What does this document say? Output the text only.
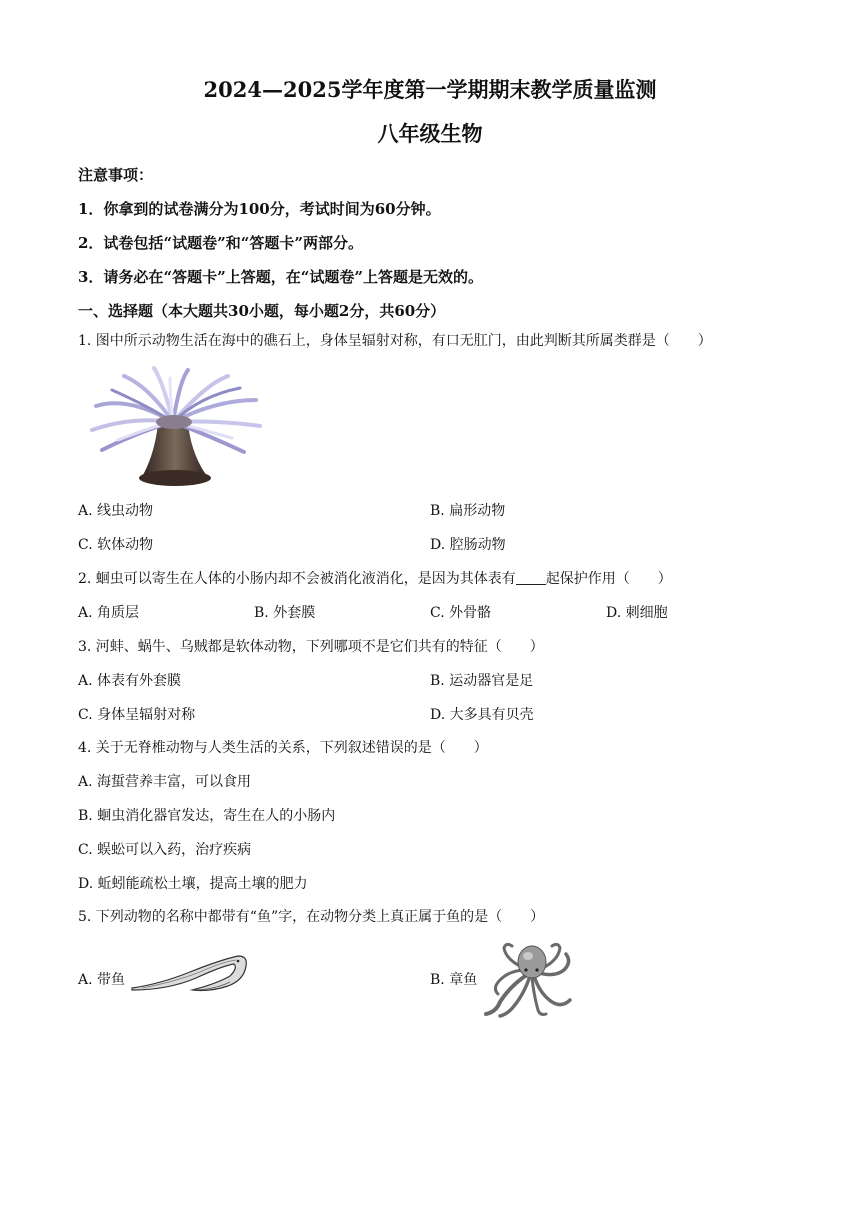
2024—2025学年度第一学期期末教学质量监测
八年级生物
注意事项：
1．你拿到的试卷满分为100分，考试时间为60分钟。
2．试卷包括“试题卷”和“答题卡”两部分。
3．请务必在“答题卡”上答题，在“试题卷”上答题是无效的。
一、选择题（本大题共30小题，每小题2分，共60分）
1. 图中所示动物生活在海中的礁石上，身体呈辐射对称，有口无肛门，由此判断其所属类群是（　　）
A. 线虫动物	B. 扁形动物
C. 软体动物	D. 腔肠动物
2. 蛔虫可以寄生在人体的小肠内却不会被消化液消化，是因为其体表有 起保护作用（　　）
A. 角质层	B. 外套膜	C. 外骨骼	D. 刺细胞
3. 河蚌、蜗牛、乌贼都是软体动物，下列哪项不是它们共有的特征（　　）
A. 体表有外套膜	B. 运动器官是足
C. 身体呈辐射对称	D. 大多具有贝壳
4. 关于无脊椎动物与人类生活的关系，下列叙述错误的是（　　）
A. 海蜇营养丰富，可以食用
B. 蛔虫消化器官发达，寄生在人的小肠内
C. 蜈蚣可以入药，治疗疾病
D. 蚯蚓能疏松土壤，提高土壤的肥力
5. 下列动物的名称中都带有“鱼”字，在动物分类上真正属于鱼的是（　　）
A. 带鱼	B. 章鱼
